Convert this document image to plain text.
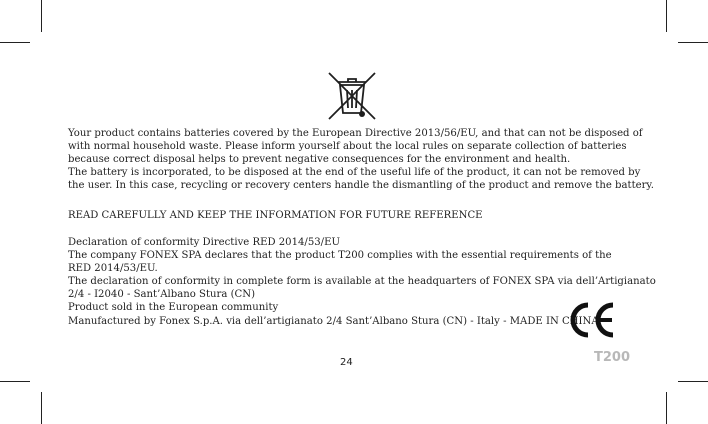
Your product contains batteries covered by the European Directive 2013/56/EU, and that can not be disposed of

with normal household waste. Please inform yourself about the local rules on separate collection of batteries

because correct disposal helps to prevent negative consequences for the environment and health.

The battery is incorporated, to be disposed at the end of the useful life of the product, it can not be removed by

the user. In this case, recycling or recovery centers handle the dismantling of the product and remove the battery.

READ CAREFULLY AND KEEP THE INFORMATION FOR FUTURE REFERENCE

Declaration of conformity Directive RED 2014/53/EU

The company FONEX SPA declares that the product T200 complies with the essential requirements of the

RED 2014/53/EU.

The declaration of conformity in complete form is available at the headquarters of FONEX SPA via dell’Artigianato

2/4 - I2040 - Sant’Albano Stura (CN)

Product sold in the European community

Manufactured by Fonex S.p.A. via dell’artigianato 2/4 Sant’Albano Stura (CN) - Italy - MADE IN CHINA

T200
24
